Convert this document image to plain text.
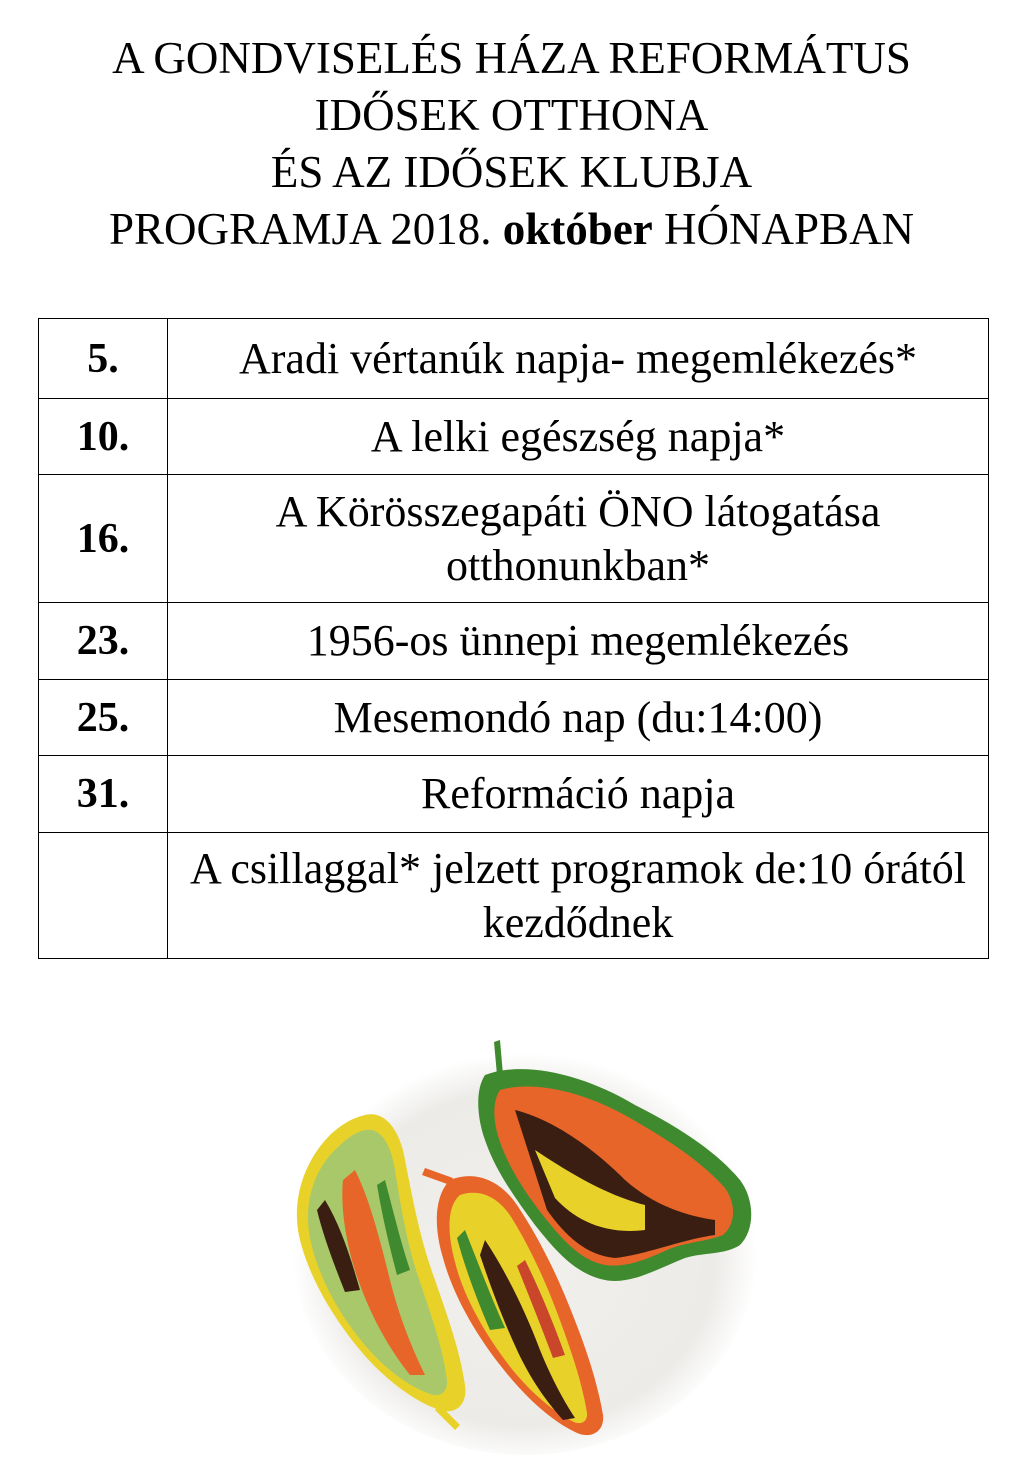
A GONDVISELÉS HÁZA REFORMÁTUS
IDŐSEK OTTHONA
ÉS AZ IDŐSEK KLUBJA
PROGRAMJA 2018. október HÓNAPBAN
5.	Aradi vértanúk napja- megemlékezés*
10.	A lelki egészség napja*
16.	A Körösszegapáti ÖNO látogatása otthonunkban*
23.	1956-os ünnepi megemlékezés
25.	Mesemondó nap (du:14:00)
31.	Reformáció napja
	A csillaggal* jelzett programok de:10 órától kezdődnek
